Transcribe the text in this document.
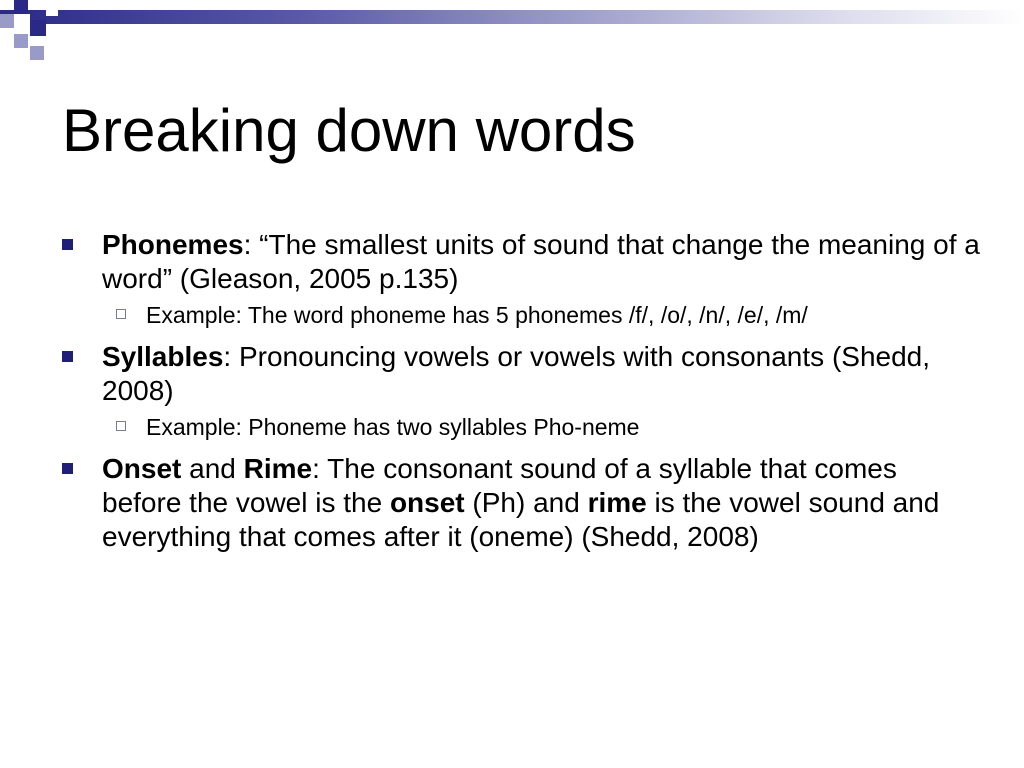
Breaking down words
Phonemes: “The smallest units of sound that change the meaning of a word” (Gleason, 2005 p.135)
Example: The word phoneme has 5 phonemes /f/, /o/, /n/, /e/, /m/
Syllables: Pronouncing vowels or vowels with consonants (Shedd, 2008)
Example: Phoneme has two syllables Pho-neme
Onset and Rime: The consonant sound of a syllable that comes before the vowel is the onset (Ph) and rime is the vowel sound and everything that comes after it (oneme) (Shedd, 2008)
